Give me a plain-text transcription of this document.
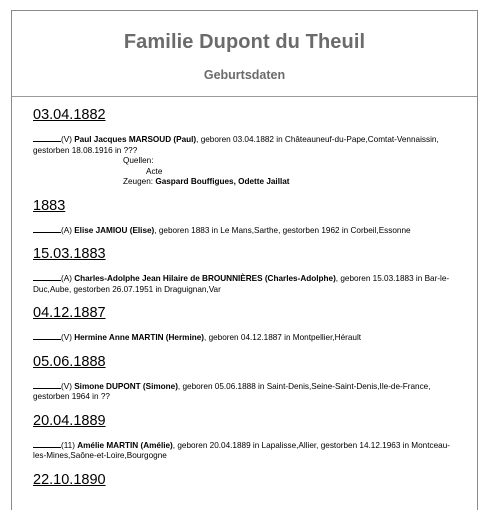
Familie Dupont du Theuil
Geburtsdaten
03.04.1882
(V) Paul Jacques MARSOUD (Paul), geboren 03.04.1882 in Châteauneuf-du-Pape,Comtat-Vennaissin, gestorben 18.08.1916 in ???
Quellen:
Acte
Zeugen: Gaspard Bouffigues, Odette Jaillat
1883
(A) Elise JAMIOU (Elise), geboren 1883 in Le Mans,Sarthe, gestorben 1962 in Corbeil,Essonne
15.03.1883
(A) Charles-Adolphe Jean Hilaire de BROUNNIÈRES (Charles-Adolphe), geboren 15.03.1883 in Bar-le-Duc,Aube, gestorben 26.07.1951 in Draguignan,Var
04.12.1887
(V) Hermine Anne MARTIN (Hermine), geboren 04.12.1887 in Montpellier,Hérault
05.06.1888
(V) Simone DUPONT (Simone), geboren 05.06.1888 in Saint-Denis,Seine-Saint-Denis,Ile-de-France, gestorben 1964 in ??
20.04.1889
(11) Amélie MARTIN (Amélie), geboren 20.04.1889 in Lapalisse,Allier, gestorben 14.12.1963 in Montceau-les-Mines,Saône-et-Loire,Bourgogne
22.10.1890
